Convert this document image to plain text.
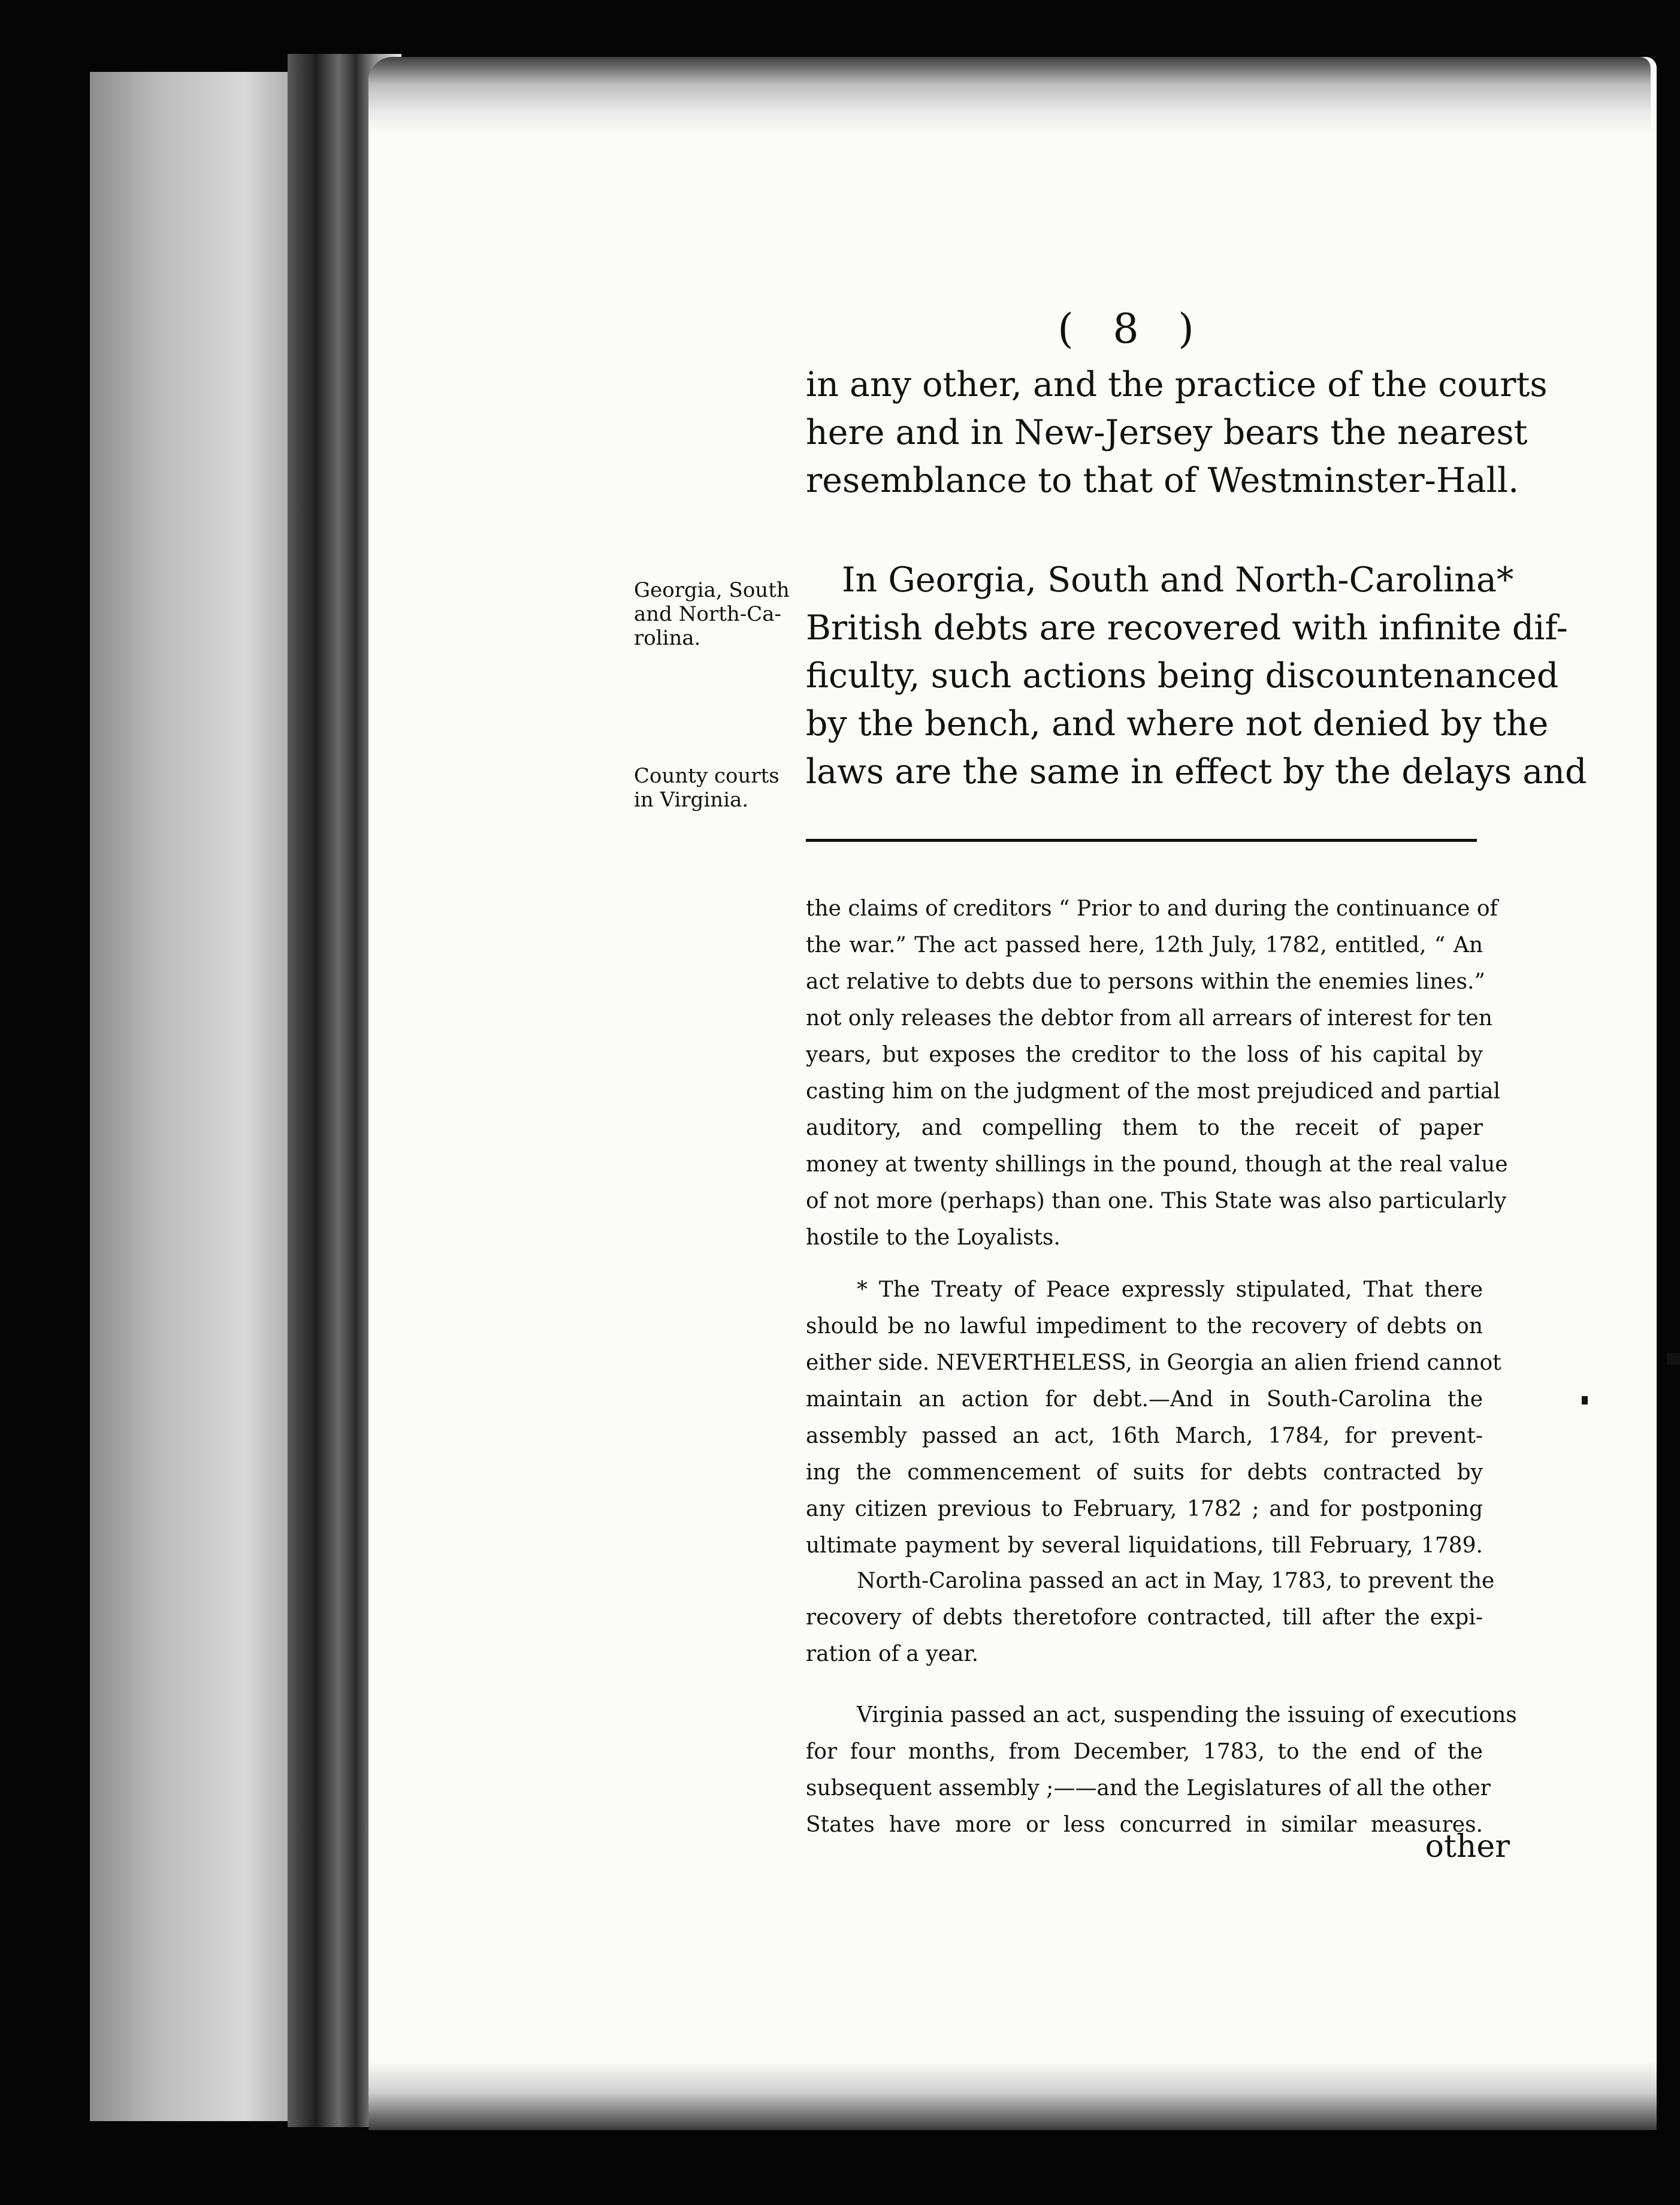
( 8 )
in any other, and the practice of the courts
here and in New-Jersey bears the nearest
resemblance to that of Westminster-Hall.
Georgia, South
and North-Ca-
rolina.
County courts
in Virginia.
In Georgia, South and North-Carolina*
British debts are recovered with infinite dif-
ficulty, such actions being discountenanced
by the bench, and where not denied by the
laws are the same in effect by the delays and
the claims of creditors “ Prior to and during the continuance of
the war.” The act passed here, 12th July, 1782, entitled, “ An
act relative to debts due to persons within the enemies lines.”
not only releases the debtor from all arrears of interest for ten
years, but exposes the creditor to the loss of his capital by
casting him on the judgment of the most prejudiced and partial
auditory, and compelling them to the receit of paper
money at twenty shillings in the pound, though at the real value
of not more (perhaps) than one. This State was also particularly
hostile to the Loyalists.
* The Treaty of Peace expressly stipulated, That there
should be no lawful impediment to the recovery of debts on
either side. NEVERTHELESS, in Georgia an alien friend cannot
maintain an action for debt.—And in South-Carolina the
assembly passed an act, 16th March, 1784, for prevent-
ing the commencement of suits for debts contracted by
any citizen previous to February, 1782 ; and for postponing
ultimate payment by several liquidations, till February, 1789.
North-Carolina passed an act in May, 1783, to prevent the
recovery of debts theretofore contracted, till after the expi-
ration of a year.
Virginia passed an act, suspending the issuing of executions
for four months, from December, 1783, to the end of the
subsequent assembly ;——and the Legislatures of all the other
States have more or less concurred in similar measures.
other
